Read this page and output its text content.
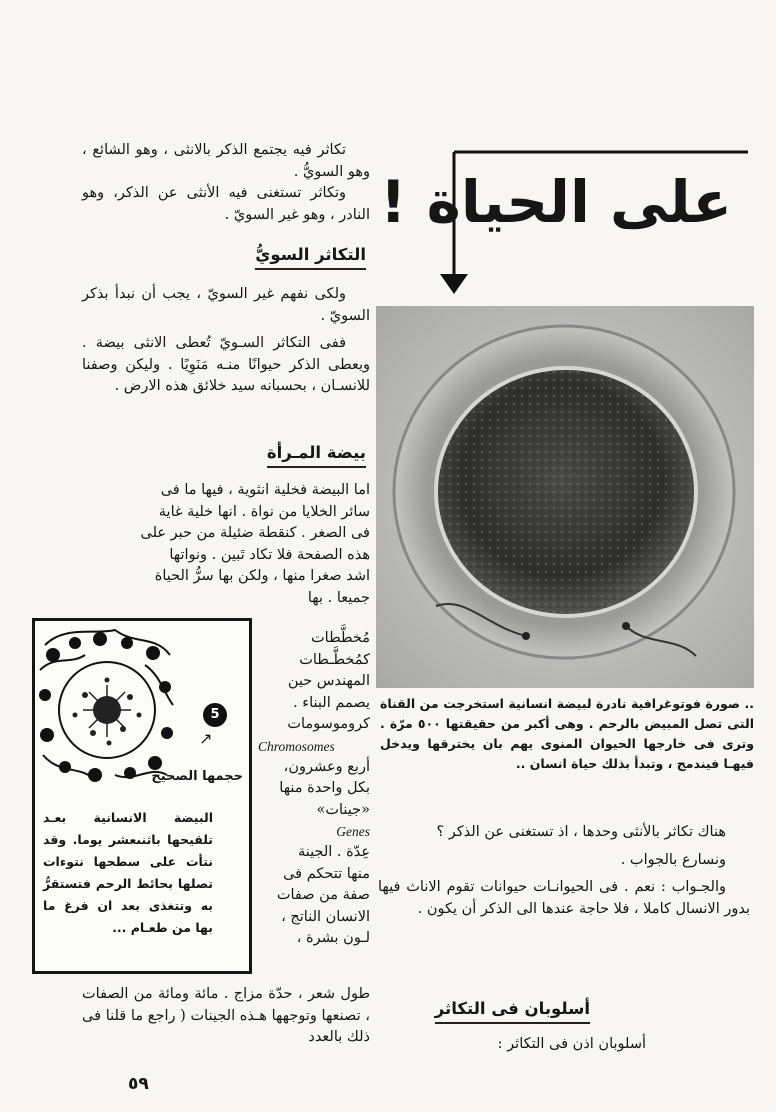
تكاثر فيه يجتمع الذكر بالانثى ، وهو الشائع ، وهو السويُّ .

وتكاثر تستغنى فيه الأنثى عن الذكر، وهو النادر ، وهو غير السويّ .

التكاثر السويُّ

ولكى نفهم غير السويّ ، يجب أن نبدأ بذكر السويّ .

ففى التكاثر السـويّ تُعطى الانثى بيضة . ويعطى الذكر حيوانًا منـه مَنَوِيًا . وليكن وصفنا للانسـان ، بحسبانه سيد خلائق هذه الارض .

بيضة المـرأة
اما البيضة فخلية انثوية ، فيها ما فى
سائر الخلايا من نواة . انها خلية غاية
فى الصغر . كنقطة ضئيلة من حبر على
هذه الصفحة فلا تكاد تَبين . ونواتها
اشد صغرا منها ، ولكن بها سرُّ الحياة
جميعا . بها
مُخطَّطات
كمُخطَّـطات
المهندس حين
يصمم البناء .
كروموسومات
Chromosomes
أربع وعشرون،
بكل واحدة منها
«جينات»
Genes
عِدّة . الجينة
منها تتحكم فى
صفة من صفات
الانسان الناتج ،
لـون بشرة ،
5
↗
حجمها الصحيح
البيضة الانسانية بعـد تلقيحها باثنىعشر يوما. وقد نتأت على سطحها نتوءات تصلها بحائط الرحم فتستقرُّ به وتتغذى بعد ان فرغ ما بها من طعـام ...

طول شعر ، حدّة مزاج . مائة ومائة من الصفات ، تصنعها وتوجهها هـذه الجينات ( راجع ما قلنا فى ذلك بالعدد

على الحياة !
.. صورة فوتوغرافية نادرة لبيضة انسانية استخرجت من القناة التى تصل المبيض بالرحم . وهى أكبر من حقيقتها ٥٠٠ مرّة . وترى فى خارجها الحيوان المنوى يهم بان يخترقها ويدخل فيهـا فيندمج ، وتبدأ بذلك حياة انسان ..

هناك تكاثر بالأنثى وحدها ، اذ تستغنى عن الذكر ؟

ونسارع بالجواب .

والجـواب : نعم . فى الحيوانـات حيوانات تقوم الاناث فيها بدور الانسال كاملا ، فلا حاجة عندها الى الذكر أن يكون .

أسلوبان فى التكاثر
أسلوبان اذن فى التكاثر :
٥٩
